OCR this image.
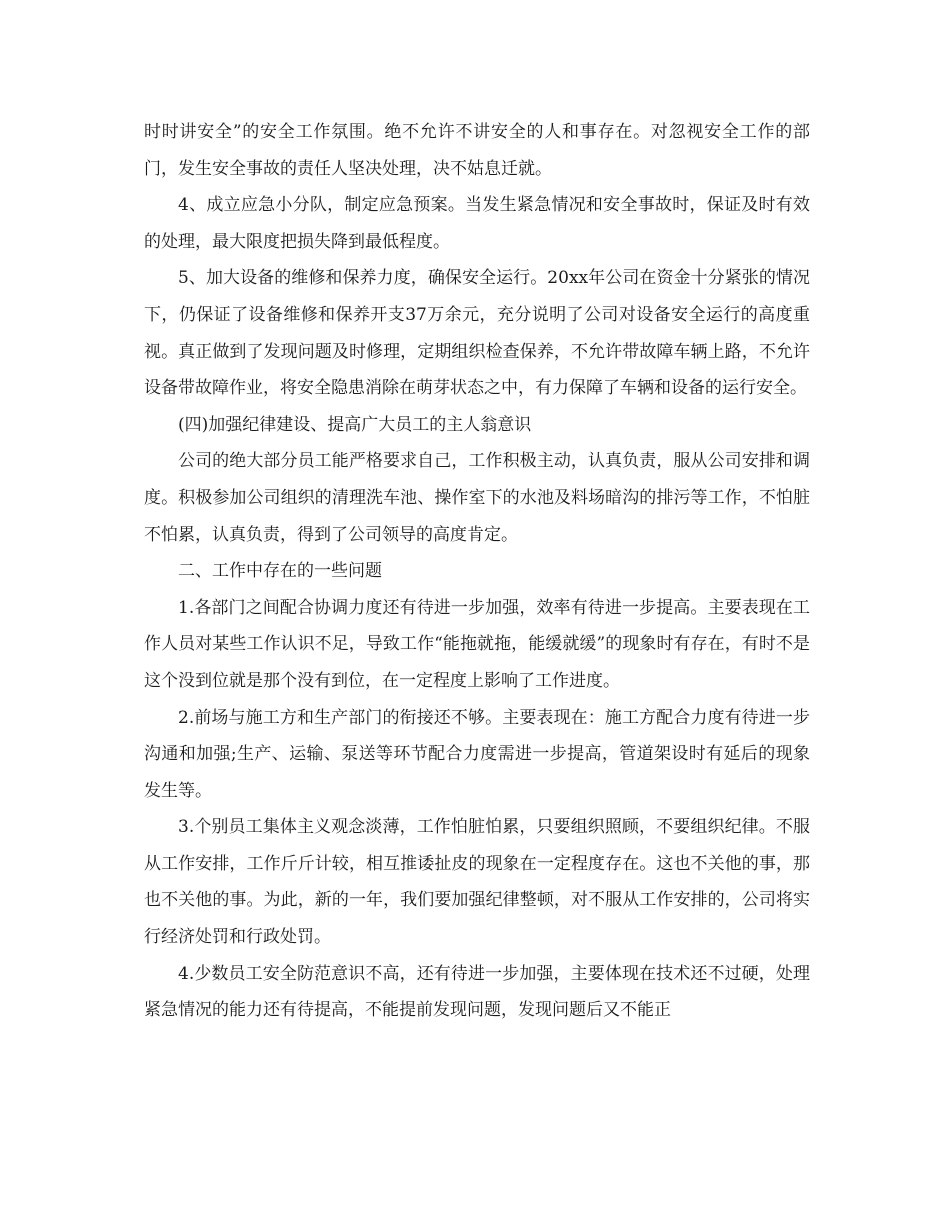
时时讲安全”的安全工作氛围。绝不允许不讲安全的人和事存在。对忽视安全工作的部门，发生安全事故的责任人坚决处理，决不姑息迁就。

4、成立应急小分队，制定应急预案。当发生紧急情况和安全事故时，保证及时有效的处理，最大限度把损失降到最低程度。

5、加大设备的维修和保养力度，确保安全运行。20xx年公司在资金十分紧张的情况下，仍保证了设备维修和保养开支37万余元，充分说明了公司对设备安全运行的高度重视。真正做到了发现问题及时修理，定期组织检查保养，不允许带故障车辆上路，不允许设备带故障作业，将安全隐患消除在萌芽状态之中，有力保障了车辆和设备的运行安全。

(四)加强纪律建设、提高广大员工的主人翁意识

公司的绝大部分员工能严格要求自己，工作积极主动，认真负责，服从公司安排和调度。积极参加公司组织的清理洗车池、操作室下的水池及料场暗沟的排污等工作，不怕脏不怕累，认真负责，得到了公司领导的高度肯定。

二、工作中存在的一些问题

1.各部门之间配合协调力度还有待进一步加强，效率有待进一步提高。主要表现在工作人员对某些工作认识不足，导致工作“能拖就拖，能缓就缓”的现象时有存在，有时不是这个没到位就是那个没有到位，在一定程度上影响了工作进度。

2.前场与施工方和生产部门的衔接还不够。主要表现在：施工方配合力度有待进一步沟通和加强;生产、运输、泵送等环节配合力度需进一步提高，管道架设时有延后的现象发生等。

3.个别员工集体主义观念淡薄，工作怕脏怕累，只要组织照顾，不要组织纪律。不服从工作安排，工作斤斤计较，相互推诿扯皮的现象在一定程度存在。这也不关他的事，那也不关他的事。为此，新的一年，我们要加强纪律整顿，对不服从工作安排的，公司将实行经济处罚和行政处罚。

4.少数员工安全防范意识不高，还有待进一步加强，主要体现在技术还不过硬，处理紧急情况的能力还有待提高，不能提前发现问题，发现问题后又不能正
